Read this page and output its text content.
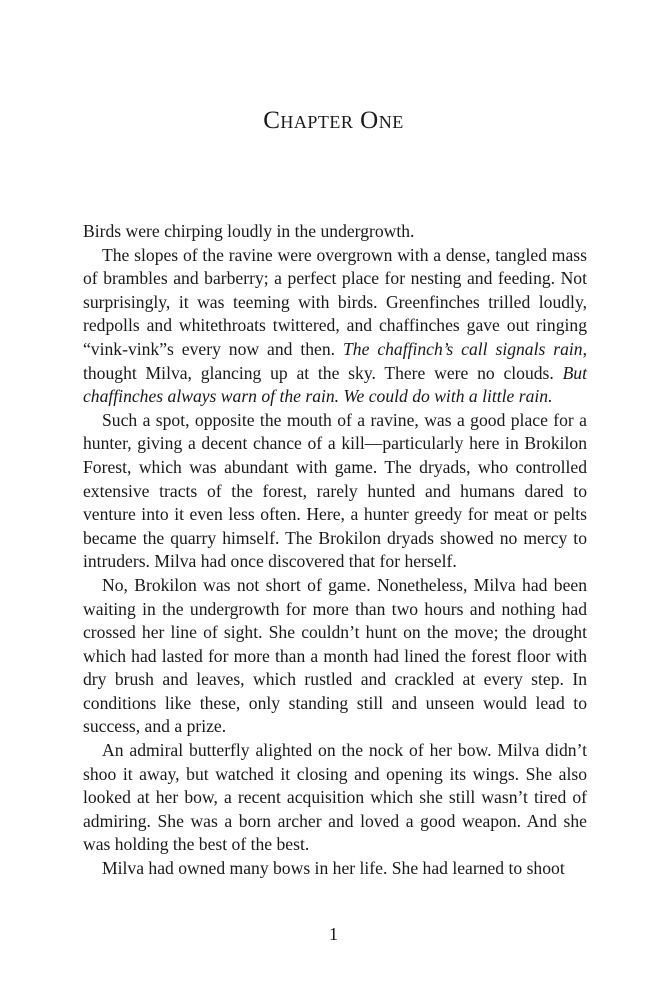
Chapter One

Birds were chirping loudly in the undergrowth.

The slopes of the ravine were overgrown with a dense, tangled mass of brambles and barberry; a perfect place for nesting and feeding. Not surprisingly, it was teeming with birds. Greenfinches trilled loudly, redpolls and whitethroats twittered, and chaffinches gave out ringing “vink-vink”s every now and then. The chaffinch’s call signals rain, thought Milva, glancing up at the sky. There were no clouds. But chaffinches always warn of the rain. We could do with a little rain.

Such a spot, opposite the mouth of a ravine, was a good place for a hunter, giving a decent chance of a kill—particularly here in Brokilon Forest, which was abundant with game. The dryads, who controlled extensive tracts of the forest, rarely hunted and humans dared to venture into it even less often. Here, a hunter greedy for meat or pelts became the quarry himself. The Brokilon dryads showed no mercy to intruders. Milva had once discovered that for herself.

No, Brokilon was not short of game. Nonetheless, Milva had been waiting in the undergrowth for more than two hours and nothing had crossed her line of sight. She couldn’t hunt on the move; the drought which had lasted for more than a month had lined the forest floor with dry brush and leaves, which rustled and crackled at every step. In conditions like these, only standing still and unseen would lead to success, and a prize.

An admiral butterfly alighted on the nock of her bow. Milva didn’t shoo it away, but watched it closing and opening its wings. She also looked at her bow, a recent acquisition which she still wasn’t tired of admiring. She was a born archer and loved a good weapon. And she was holding the best of the best.

Milva had owned many bows in her life. She had learned to shoot

1
